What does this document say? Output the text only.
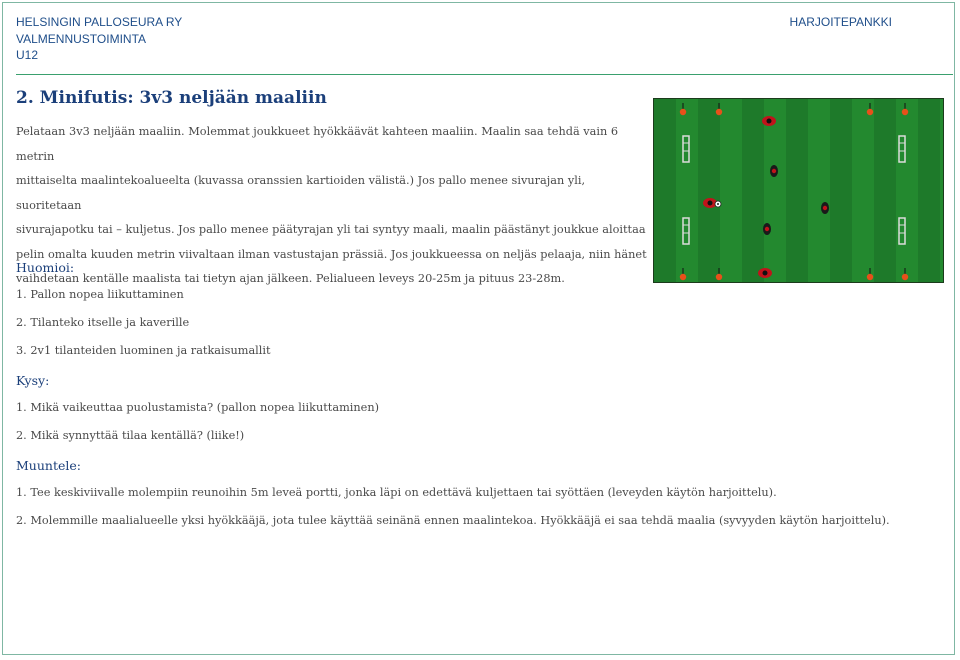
HELSINGIN PALLOSEURA RY
VALMENNUSTOIMINTA
U12
HARJOITEPANKKI
2. Minifutis: 3v3 neljään maaliin
Pelataan 3v3 neljään maaliin. Molemmat joukkueet hyökkäävät kahteen maaliin. Maalin saa tehdä vain 6 metrin
mittaiselta maalintekoalueelta (kuvassa oranssien kartioiden välistä.) Jos pallo menee sivurajan yli, suoritetaan
sivurajapotku tai – kuljetus. Jos pallo menee päätyrajan yli tai syntyy maali, maalin päästänyt joukkue aloittaa
pelin omalta kuuden metrin viivaltaan ilman vastustajan prässiä. Jos joukkueessa on neljäs pelaaja, niin hänet
vaihdetaan kentälle maalista tai tietyn ajan jälkeen. Pelialueen leveys 20-25m ja pituus 23-28m.
Huomioi:
1. Pallon nopea liikuttaminen
2. Tilanteko itselle ja kaverille
3. 2v1 tilanteiden luominen ja ratkaisumallit
Kysy:
1. Mikä vaikeuttaa puolustamista? (pallon nopea liikuttaminen)
2. Mikä synnyttää tilaa kentällä? (liike!)
Muuntele:
1. Tee keskiviivalle molempiin reunoihin 5m leveä portti, jonka läpi on edettävä kuljettaen tai syöttäen (leveyden käytön harjoittelu).
2. Molemmille maalialueelle yksi hyökkääjä, jota tulee käyttää seinänä ennen maalintekoa. Hyökkääjä ei saa tehdä maalia (syvyyden käytön harjoittelu).
